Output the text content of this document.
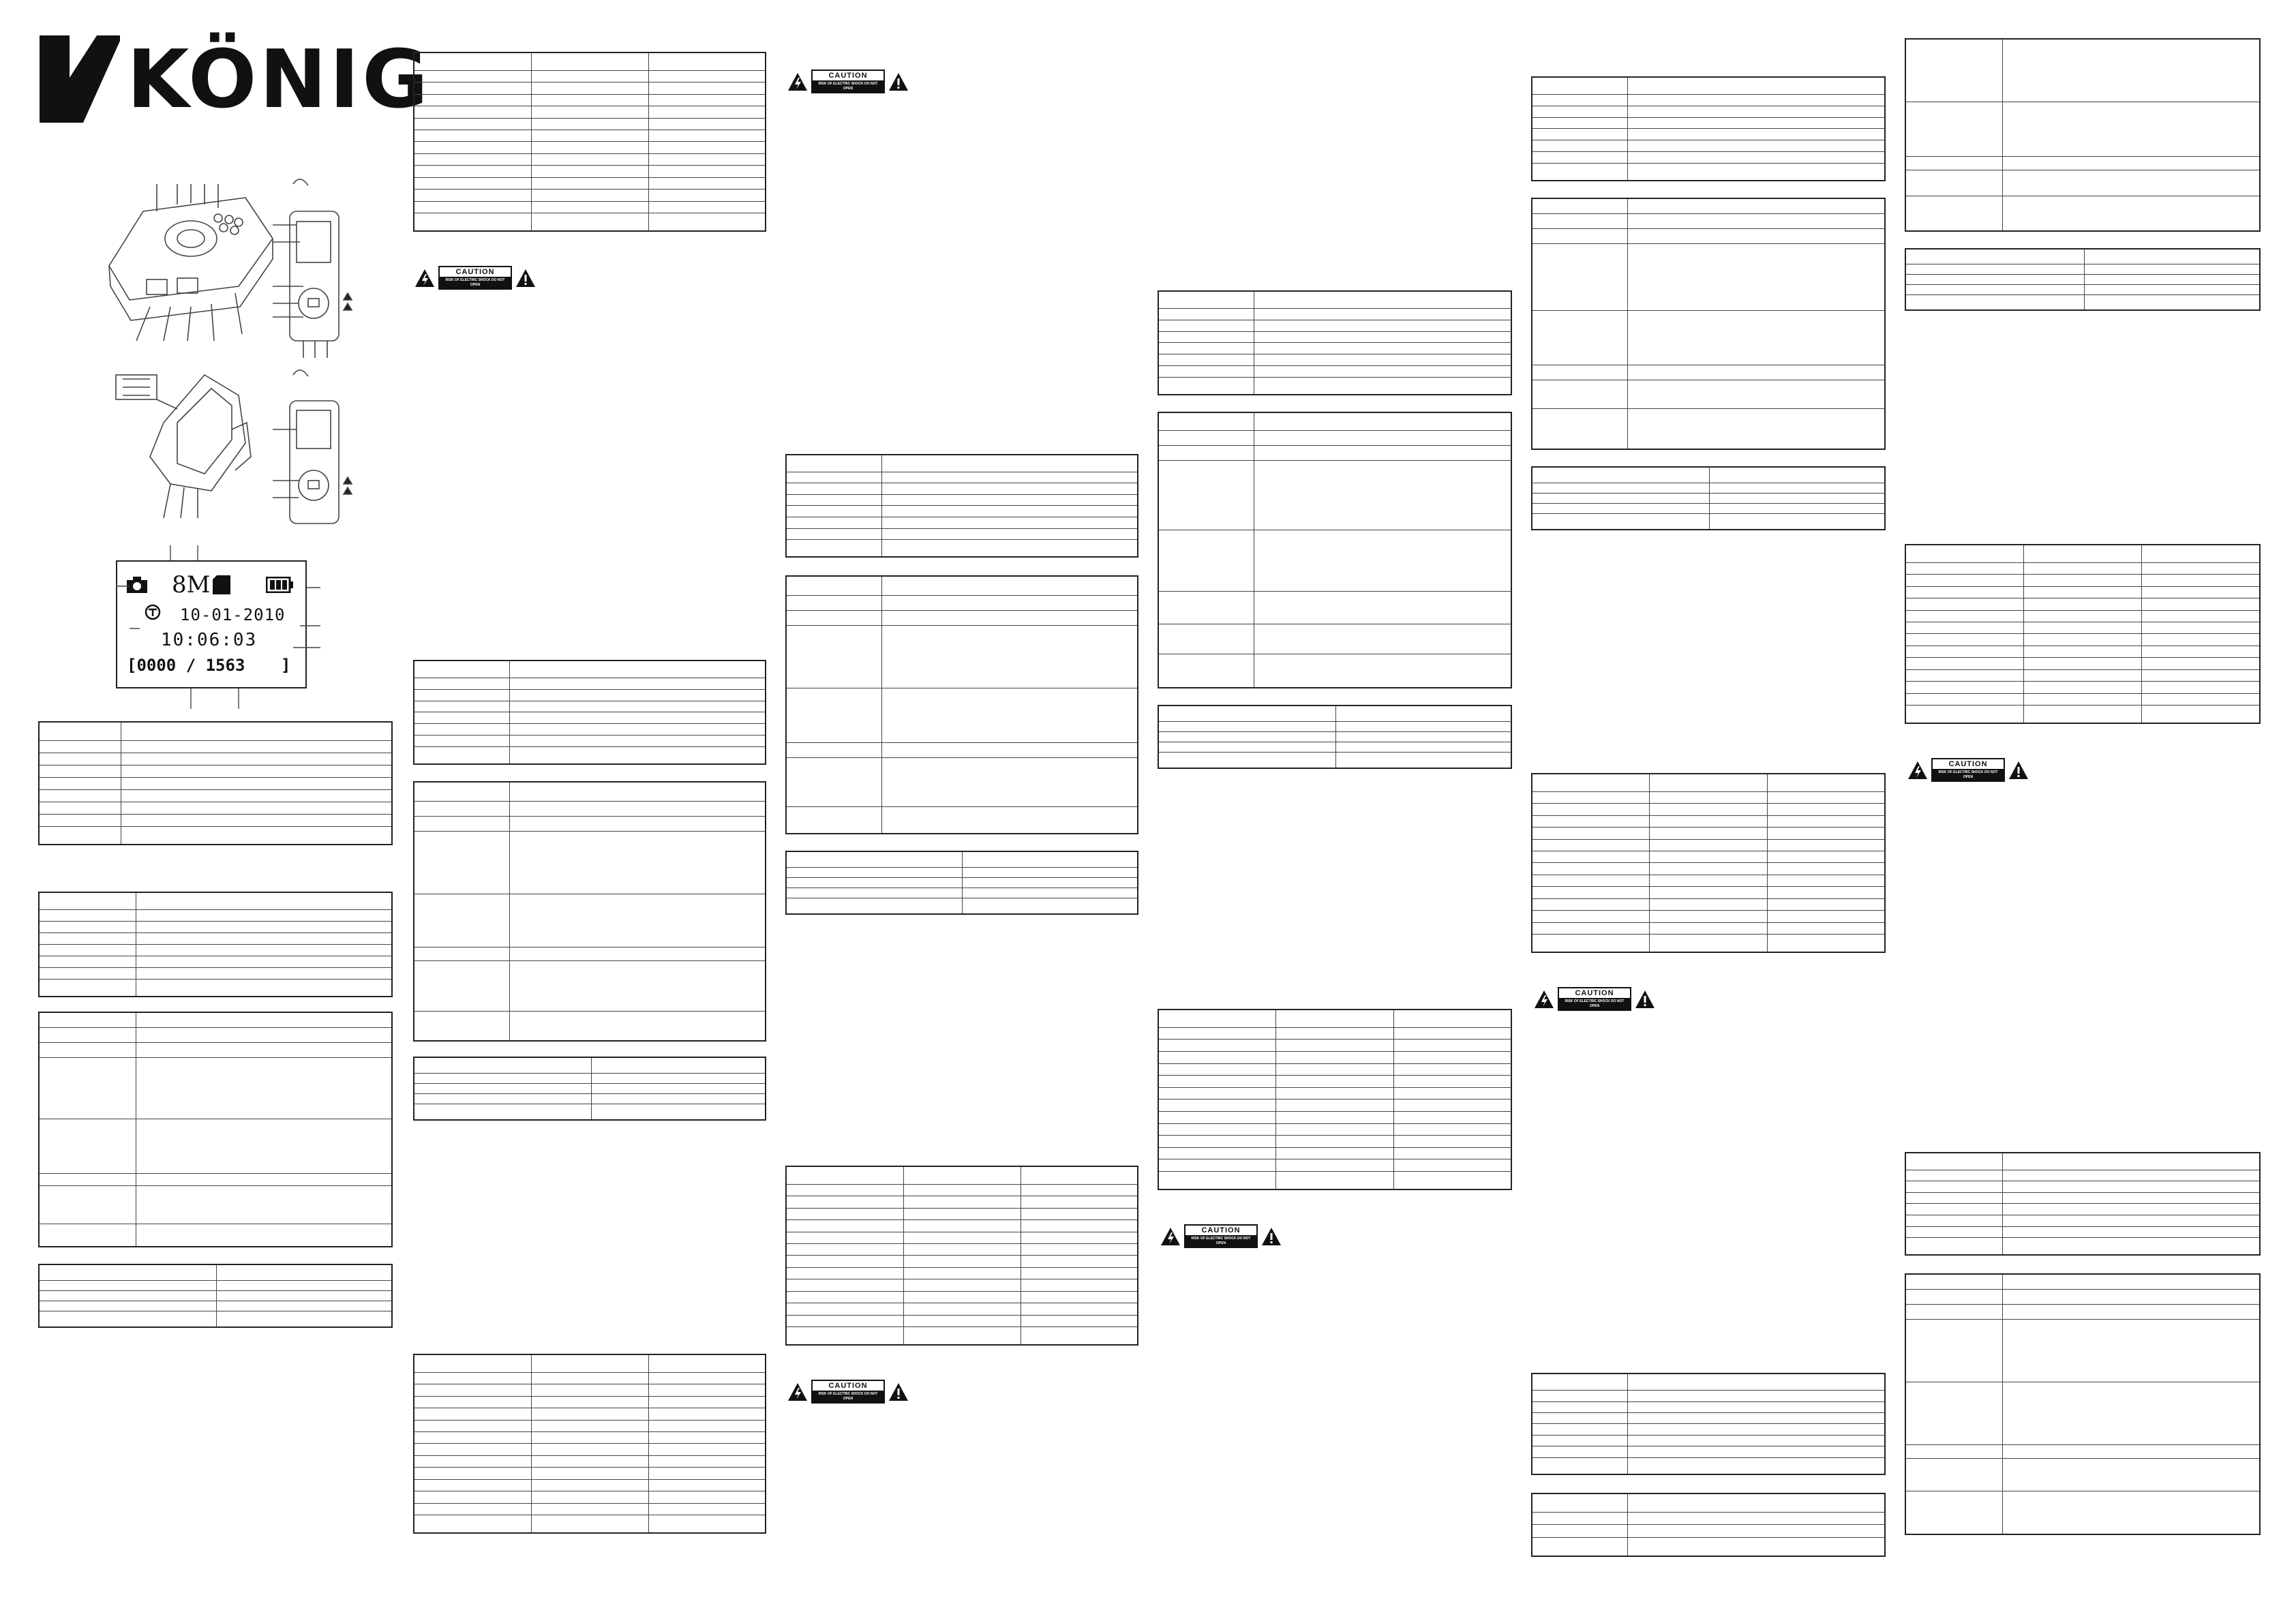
KÖNIG
8M
10-01-2010
10:06:03
[0000 / 1563 ]

CAUTION
RISK OF ELECTRIC SHOCK DO NOT OPEN

CAUTION
RISK OF ELECTRIC SHOCK DO NOT OPEN

CAUTION
RISK OF ELECTRIC SHOCK DO NOT OPEN

CAUTION
RISK OF ELECTRIC SHOCK DO NOT OPEN

CAUTION
RISK OF ELECTRIC SHOCK DO NOT OPEN

CAUTION
RISK OF ELECTRIC SHOCK DO NOT OPEN
